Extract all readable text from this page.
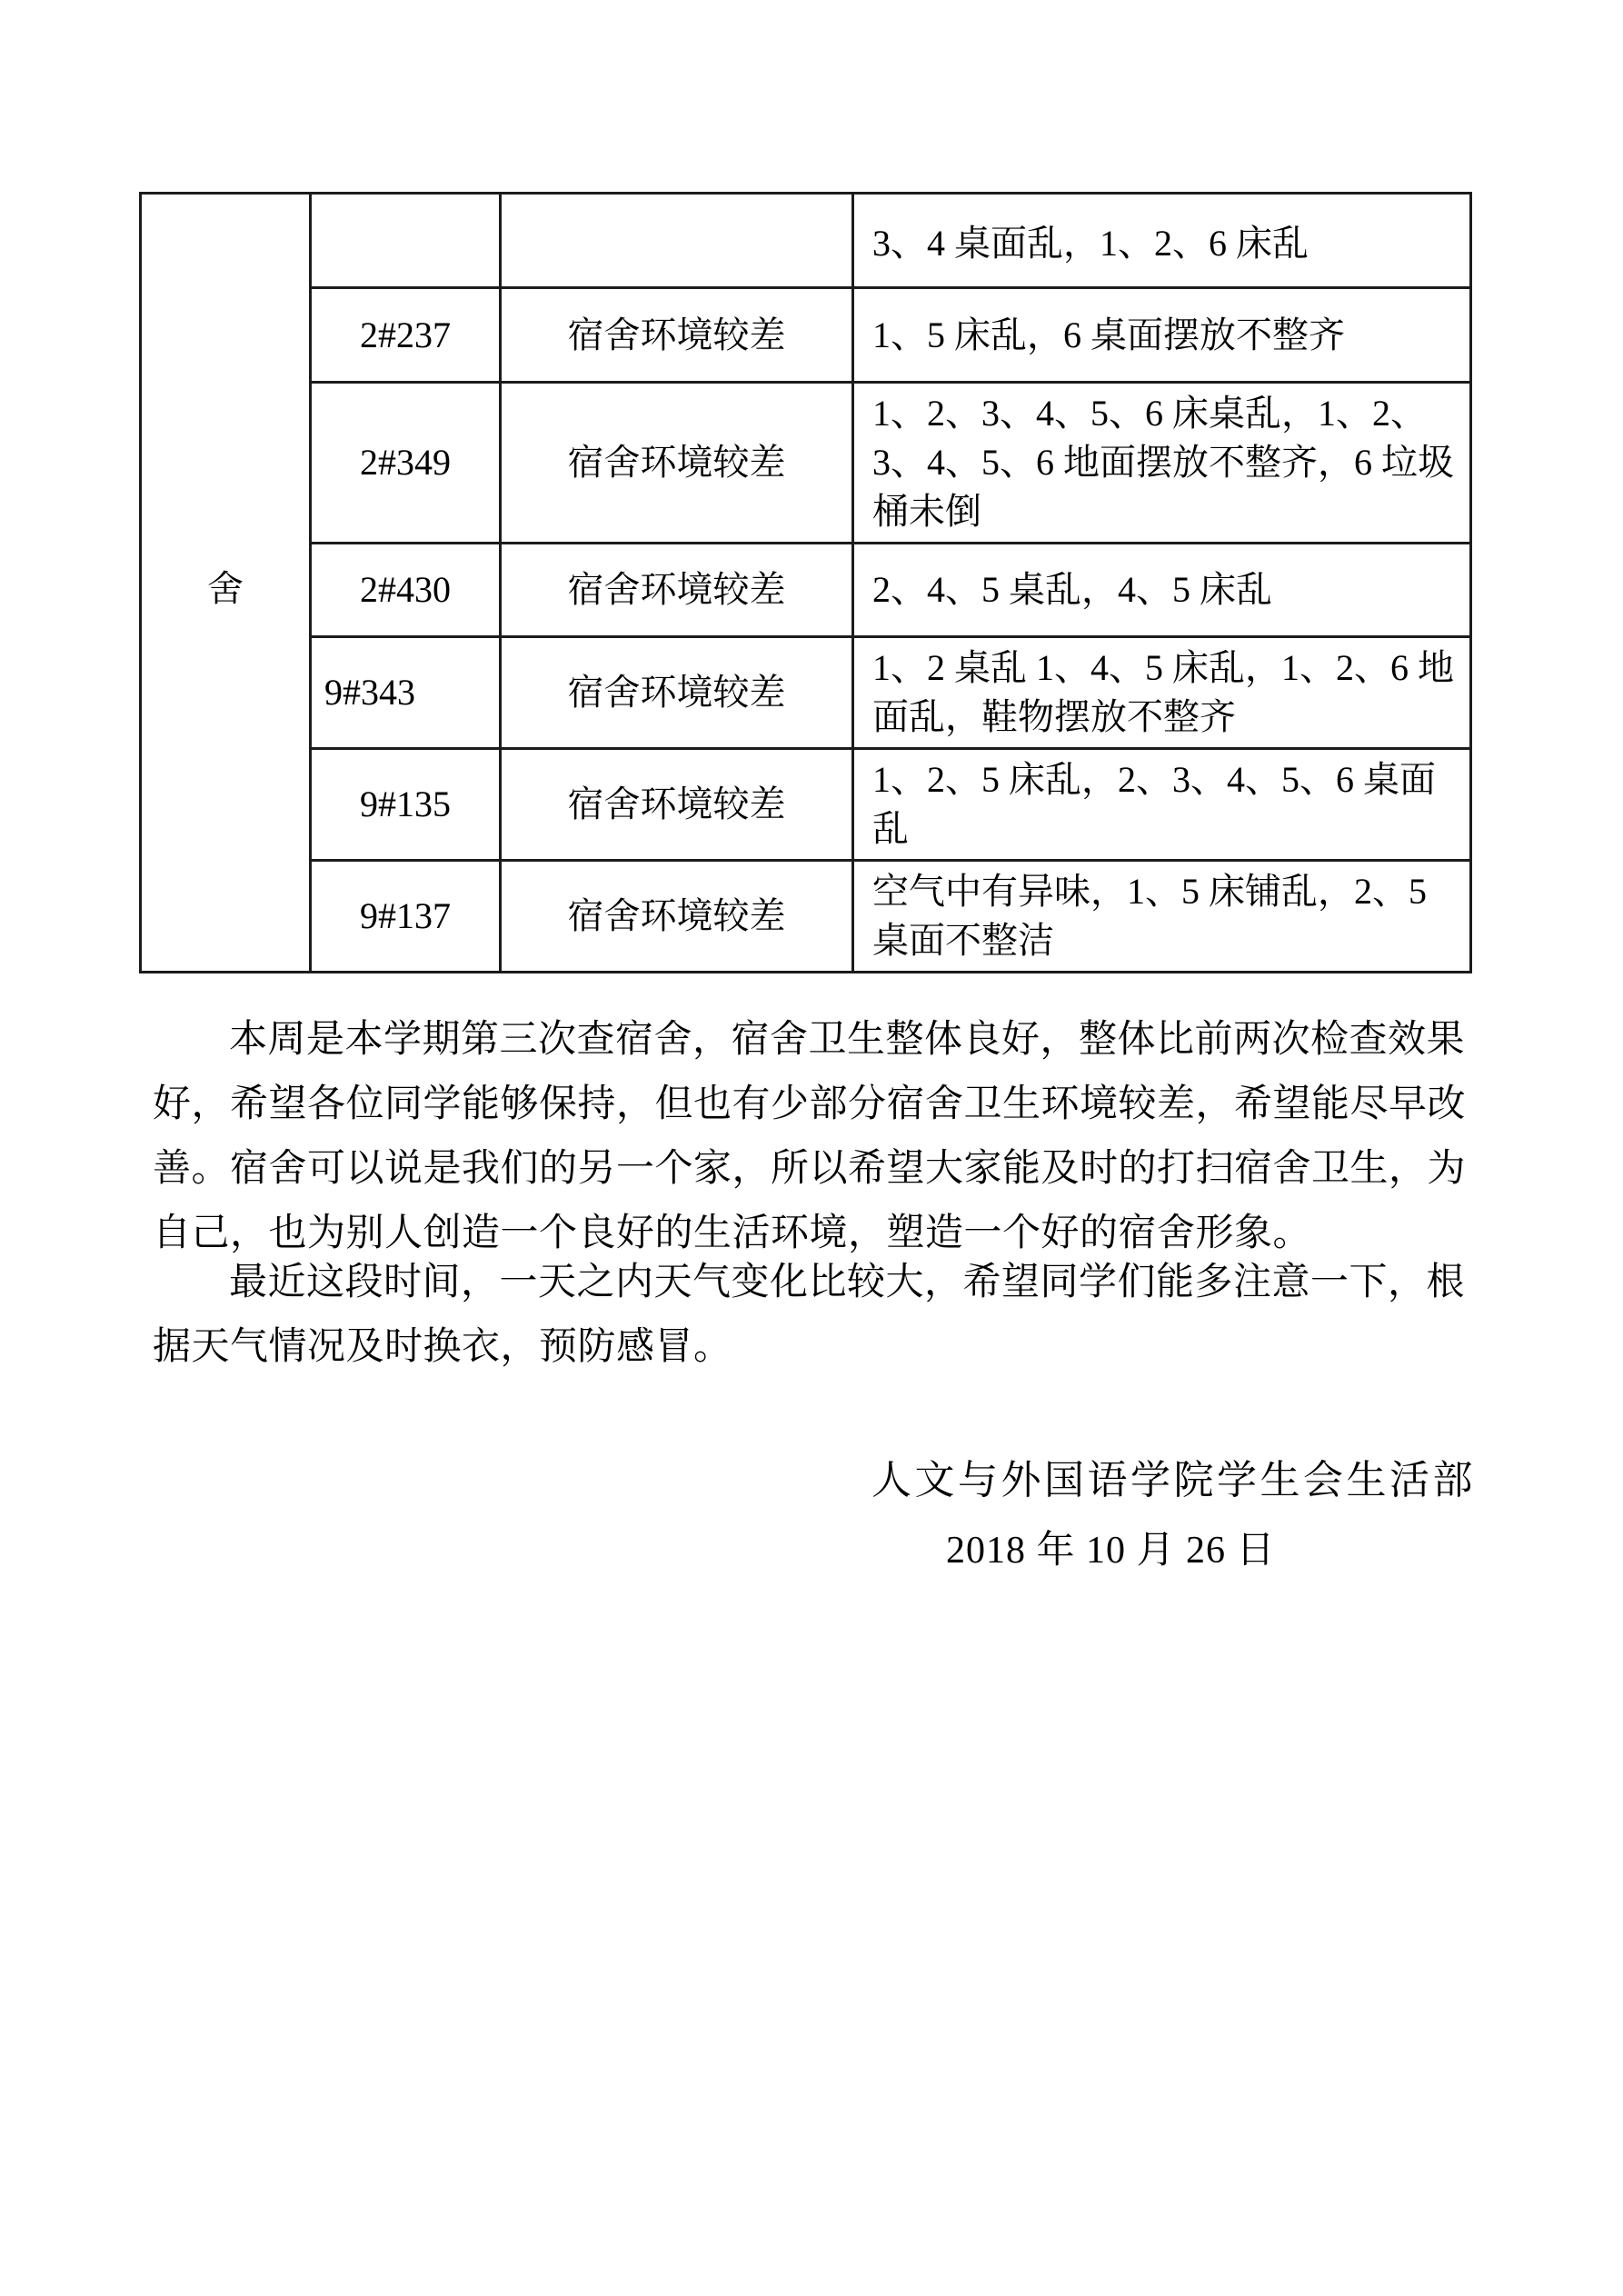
舍			3、4 桌面乱，1、2、6 床乱
	2#237	宿舍环境较差	1、5 床乱，6 桌面摆放不整齐
	2#349	宿舍环境较差	1、2、3、4、5、6 床桌乱，1、2、3、4、5、6 地面摆放不整齐，6 垃圾桶未倒
	2#430	宿舍环境较差	2、4、5 桌乱，4、5 床乱
	9#343	宿舍环境较差	1、2 桌乱 1、4、5 床乱，1、2、6 地面乱，鞋物摆放不整齐
	9#135	宿舍环境较差	1、2、5 床乱，2、3、4、5、6 桌面乱
	9#137	宿舍环境较差	空气中有异味，1、5 床铺乱，2、5 桌面不整洁
本周是本学期第三次查宿舍，宿舍卫生整体良好，整体比前两次检查效果
好，希望各位同学能够保持，但也有少部分宿舍卫生环境较差，希望能尽早改
善。宿舍可以说是我们的另一个家，所以希望大家能及时的打扫宿舍卫生，为
自己，也为别人创造一个良好的生活环境，塑造一个好的宿舍形象。
最近这段时间，一天之内天气变化比较大，希望同学们能多注意一下，根
据天气情况及时换衣，预防感冒。
人文与外国语学院学生会生活部
2018 年 10 月 26 日
